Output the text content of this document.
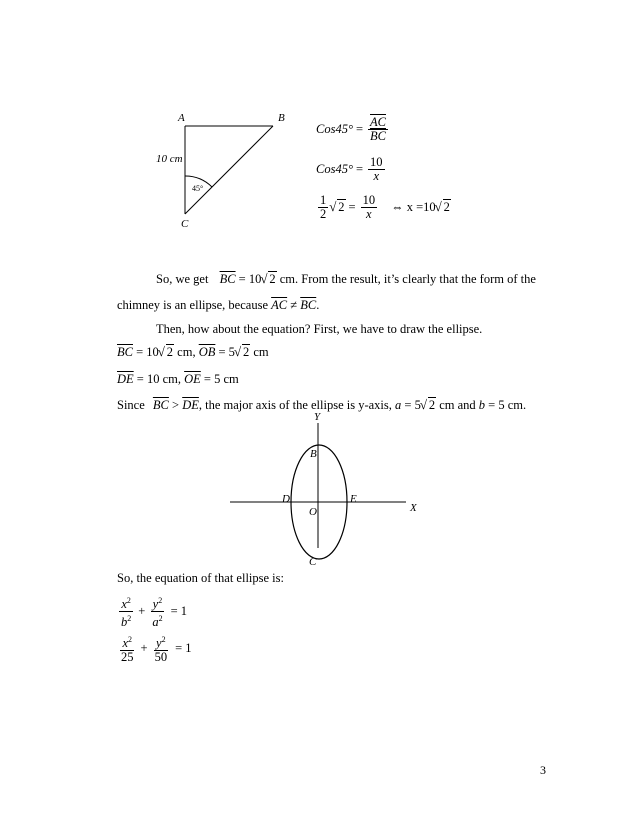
A	B
C
10 cm
45°
$Cos45^\circ = \frac{\overline{AC}}{BC}$
$Cos45^\circ = \frac{10}{x}$
$\frac{1}{2}$ √ $2 = \frac{10}{x}$ ⇔ x =10 √ 2
So, we get $\overline{BC} = 10$ √ 2 cm. From the result, it’s clearly that the form of the
chimney is an ellipse, because $\overline{AC} \ne \overline{BC}$.
Then, how about the equation? First, we have to draw the ellipse.
$\overline{BC} = 10$ √ 2 cm, $\overline{OB} = 5$ √ 2 cm
$\overline{DE} = 10$ cm, $\overline{OE} = 5$ cm
Since $\overline{BC} > \overline{DE}$, the major axis of the ellipse is y-axis, a = 5 √ 2 cm and b = 5 cm.
Y
X
B
D	E
O
C
So, the equation of that ellipse is:
$\frac{x^2}{b^2} + \frac{y^2}{a^2} = 1$
$\frac{x^2}{25} + \frac{y^2}{50} = 1$
3
